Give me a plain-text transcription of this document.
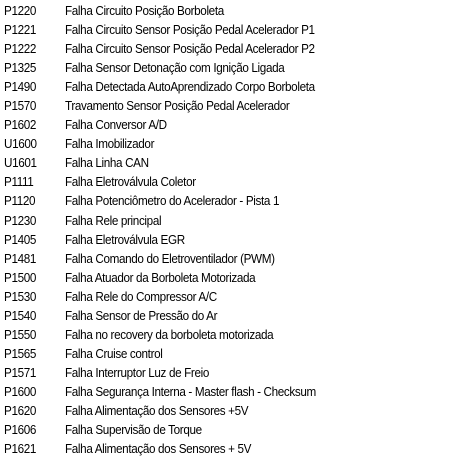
P1220	Falha Circuito Posição Borboleta
P1221	Falha Circuito Sensor Posição Pedal Acelerador P1
P1222	Falha Circuito Sensor Posição Pedal Acelerador P2
P1325	Falha Sensor Detonação com Ignição Ligada
P1490	Falha Detectada AutoAprendizado Corpo Borboleta
P1570	Travamento Sensor Posição Pedal Acelerador
P1602	Falha Conversor A/D
U1600	Falha Imobilizador
U1601	Falha Linha CAN
P1111	Falha Eletroválvula Coletor
P1120	Falha Potenciômetro do Acelerador - Pista 1
P1230	Falha Rele principal
P1405	Falha Eletroválvula EGR
P1481	Falha Comando do Eletroventilador (PWM)
P1500	Falha Atuador da Borboleta Motorizada
P1530	Falha Rele do Compressor A/C
P1540	Falha Sensor de Pressão do Ar
P1550	Falha no recovery da borboleta motorizada
P1565	Falha Cruise control
P1571	Falha Interruptor Luz de Freio
P1600	Falha Segurança Interna - Master flash - Checksum
P1620	Falha Alimentação dos Sensores +5V
P1606	Falha Supervisão de Torque
P1621	Falha Alimentação dos Sensores + 5V
